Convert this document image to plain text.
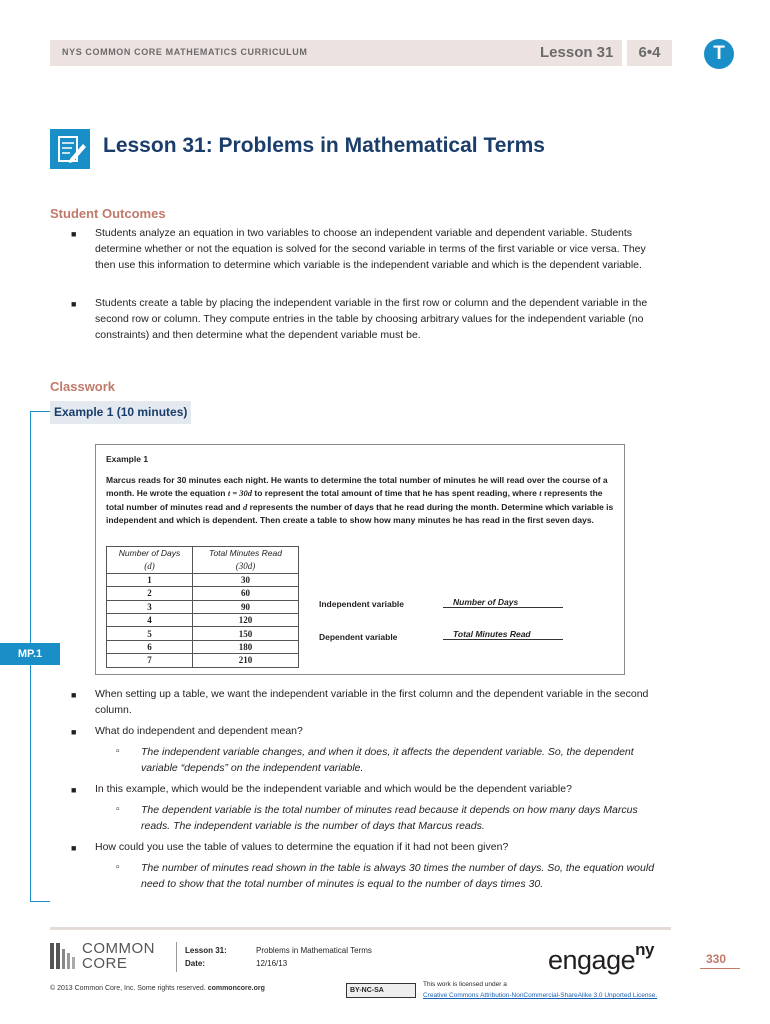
NYS COMMON CORE MATHEMATICS CURRICULUM	Lesson 31	6•4	T
Lesson 31: Problems in Mathematical Terms
Student Outcomes
■ Students analyze an equation in two variables to choose an independent variable and dependent variable. Students determine whether or not the equation is solved for the second variable in terms of the first variable or vice versa. They then use this information to determine which variable is the independent variable and which is the dependent variable.
■ Students create a table by placing the independent variable in the first row or column and the dependent variable in the second row or column. They compute entries in the table by choosing arbitrary values for the independent variable (no constraints) and then determine what the dependent variable must be.
Classwork
Example 1 (10 minutes)
MP.1
Example 1
Marcus reads for 30 minutes each night. He wants to determine the total number of minutes he will read over the course of a month. He wrote the equation t = 30d to represent the total amount of time that he has spent reading, where t represents the total number of minutes read and d represents the number of days that he read during the month. Determine which variable is independent and which is dependent. Then create a table to show how many minutes he has read in the first seven days.
Number of Days	Total Minutes Read
(d)	(30d)
1	30
2	60
3	90
4	120
5	150
6	180
7	210
Independent variable	Number of Days
Dependent variable	Total Minutes Read
■ When setting up a table, we want the independent variable in the first column and the dependent variable in the second column.
■ What do independent and dependent mean?
▫ The independent variable changes, and when it does, it affects the dependent variable. So, the dependent variable “depends” on the independent variable.
■ In this example, which would be the independent variable and which would be the dependent variable?
▫ The dependent variable is the total number of minutes read because it depends on how many days Marcus reads. The independent variable is the number of days that Marcus reads.
■ How could you use the table of values to determine the equation if it had not been given?
▫ The number of minutes read shown in the table is always 30 times the number of days. So, the equation would need to show that the total number of minutes is equal to the number of days times 30.
COMMON
CORE
Lesson 31:
Date:
Problems in Mathematical Terms
12/16/13	engage$^{ny}$	330
© 2013 Common Core, Inc. Some rights reserved. commoncore.org	BY-NC-SA
This work is licensed under a
Creative Commons Attribution-NonCommercial-ShareAlike 3.0 Unported License.
